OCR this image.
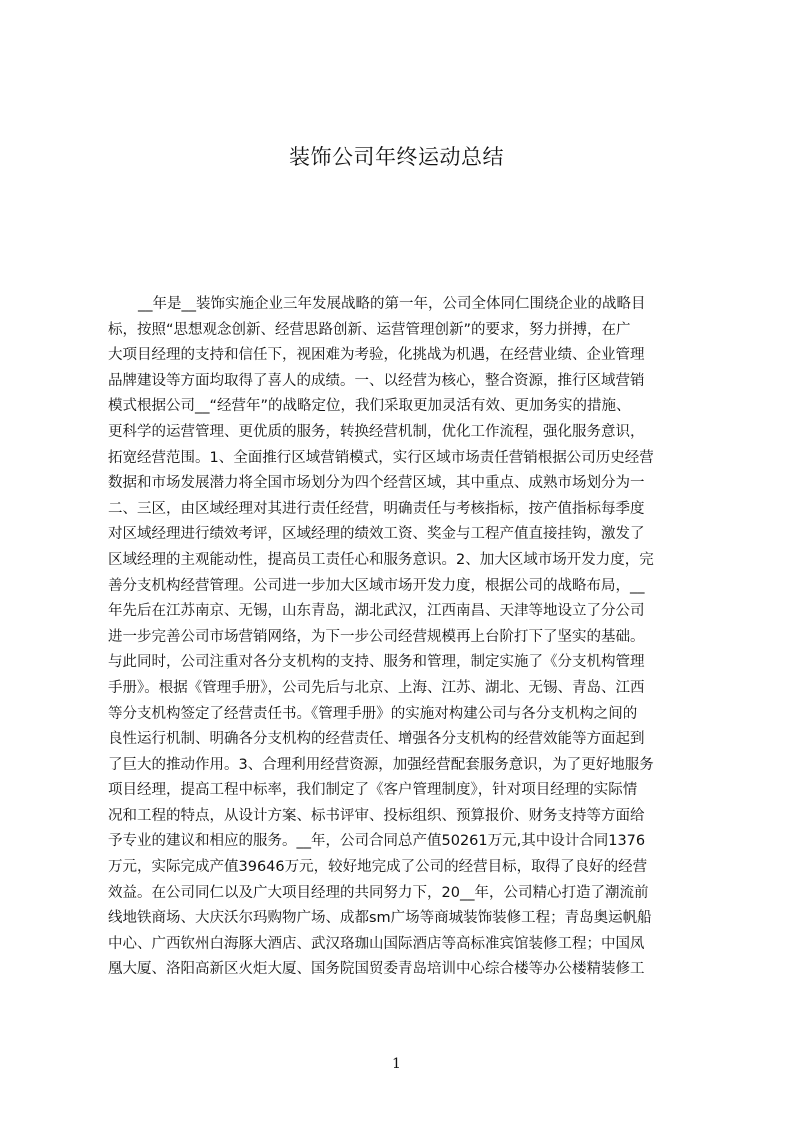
装饰公司年终运动总结
__年是__装饰实施企业三年发展战略的第一年，公司全体同仁围绕企业的战略目
标，按照“思想观念创新、经营思路创新、运营管理创新”的要求，努力拼搏，在广
大项目经理的支持和信任下，视困难为考验，化挑战为机遇，在经营业绩、企业管理
品牌建设等方面均取得了喜人的成绩。一、以经营为核心，整合资源，推行区域营销
模式根据公司__“经营年”的战略定位，我们采取更加灵活有效、更加务实的措施、
更科学的运营管理、更优质的服务，转换经营机制，优化工作流程，强化服务意识，
拓宽经营范围。1、全面推行区域营销模式，实行区域市场责任营销根据公司历史经营
数据和市场发展潜力将全国市场划分为四个经营区域，其中重点、成熟市场划分为一
二、三区，由区域经理对其进行责任经营，明确责任与考核指标，按产值指标每季度
对区域经理进行绩效考评，区域经理的绩效工资、奖金与工程产值直接挂钩，激发了
区域经理的主观能动性，提高员工责任心和服务意识。2、加大区域市场开发力度，完
善分支机构经营管理。公司进一步加大区域市场开发力度，根据公司的战略布局，__
年先后在江苏南京、无锡，山东青岛，湖北武汉，江西南昌、天津等地设立了分公司
进一步完善公司市场营销网络，为下一步公司经营规模再上台阶打下了坚实的基础。
与此同时，公司注重对各分支机构的支持、服务和管理，制定实施了《分支机构管理
手册》。根据《管理手册》，公司先后与北京、上海、江苏、湖北、无锡、青岛、江西
等分支机构签定了经营责任书。《管理手册》的实施对构建公司与各分支机构之间的
良性运行机制、明确各分支机构的经营责任、增强各分支机构的经营效能等方面起到
了巨大的推动作用。3、合理利用经营资源，加强经营配套服务意识，为了更好地服务
项目经理，提高工程中标率，我们制定了《客户管理制度》，针对项目经理的实际情
况和工程的特点，从设计方案、标书评审、投标组织、预算报价、财务支持等方面给
予专业的建议和相应的服务。__年，公司合同总产值50261万元,其中设计合同1376
万元，实际完成产值39646万元，较好地完成了公司的经营目标，取得了良好的经营
效益。在公司同仁以及广大项目经理的共同努力下，20__年，公司精心打造了潮流前
线地铁商场、大庆沃尔玛购物广场、成都sm广场等商城装饰装修工程；青岛奥运帆船
中心、广西钦州白海豚大酒店、武汉珞珈山国际酒店等高标准宾馆装修工程；中国凤
凰大厦、洛阳高新区火炬大厦、国务院国贸委青岛培训中心综合楼等办公楼精装修工
1
